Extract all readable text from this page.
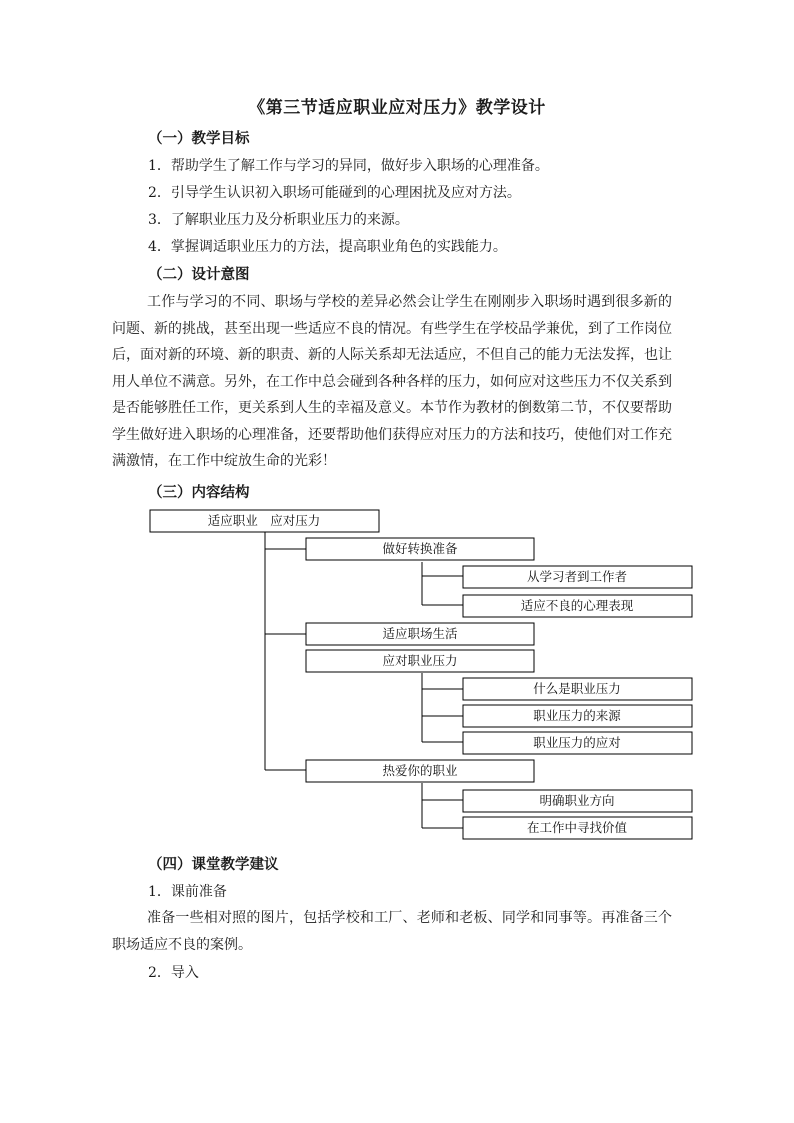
《第三节适应职业应对压力》教学设计
（一）教学目标
1．帮助学生了解工作与学习的异同，做好步入职场的心理准备。
2．引导学生认识初入职场可能碰到的心理困扰及应对方法。
3．了解职业压力及分析职业压力的来源。
4．掌握调适职业压力的方法，提高职业角色的实践能力。
（二）设计意图
工作与学习的不同、职场与学校的差异必然会让学生在刚刚步入职场时遇到很多新的问题、新的挑战，甚至出现一些适应不良的情况。有些学生在学校品学兼优，到了工作岗位后，面对新的环境、新的职责、新的人际关系却无法适应，不但自己的能力无法发挥，也让用人单位不满意。另外，在工作中总会碰到各种各样的压力，如何应对这些压力不仅关系到是否能够胜任工作，更关系到人生的幸福及意义。本节作为教材的倒数第二节，不仅要帮助学生做好进入职场的心理准备，还要帮助他们获得应对压力的方法和技巧，使他们对工作充满激情，在工作中绽放生命的光彩！
（三）内容结构
适应职业　应对压力
做好转换准备
从学习者到工作者
适应不良的心理表现
适应职场生活
应对职业压力
什么是职业压力
职业压力的来源
职业压力的应对
热爱你的职业
明确职业方向
在工作中寻找价值
（四）课堂教学建议
1．课前准备
准备一些相对照的图片，包括学校和工厂、老师和老板、同学和同事等。再准备三个职场适应不良的案例。
2．导入
